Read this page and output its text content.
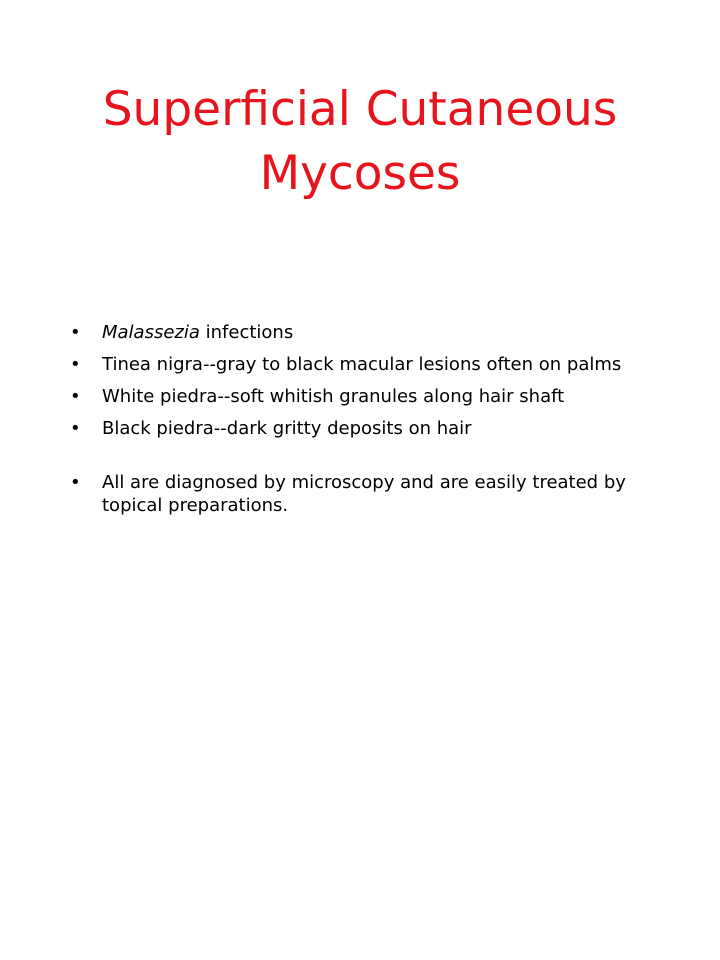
Superficial Cutaneous
Mycoses
• Malassezia infections
• Tinea nigra--gray to black macular lesions often on palms
• White piedra--soft whitish granules along hair shaft
• Black piedra--dark gritty deposits on hair
• All are diagnosed by microscopy and are easily treated by topical preparations.
